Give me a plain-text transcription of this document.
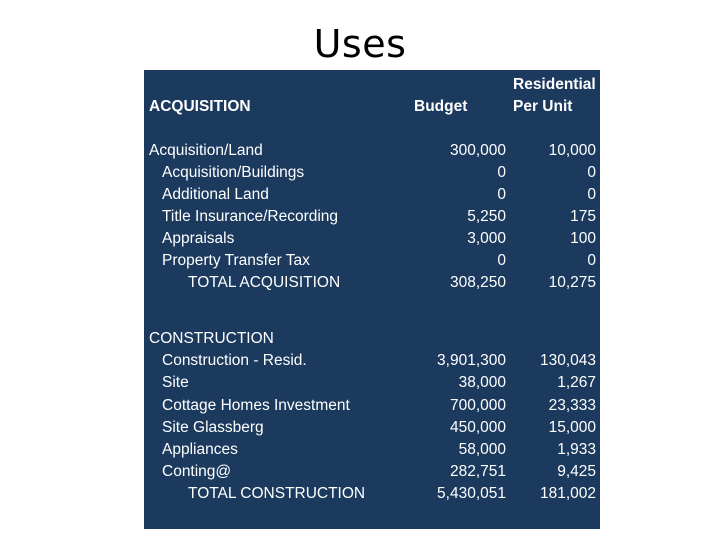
Uses
Residential
ACQUISITION	Budget	Per Unit
Acquisition/Land	300,000	10,000
Acquisition/Buildings	0	0
Additional Land	0	0
Title Insurance/Recording	5,250	175
Appraisals	3,000	100
Property Transfer Tax	0	0
TOTAL ACQUISITION	308,250	10,275
CONSTRUCTION
Construction - Resid.	3,901,300 130,043
Site	38,000	1,267
Cottage Homes Investment	700,000	23,333
Site Glassberg	450,000	15,000
Appliances	58,000	1,933
Conting@	282,751	9,425
TOTAL CONSTRUCTION	5,430,051 181,002
